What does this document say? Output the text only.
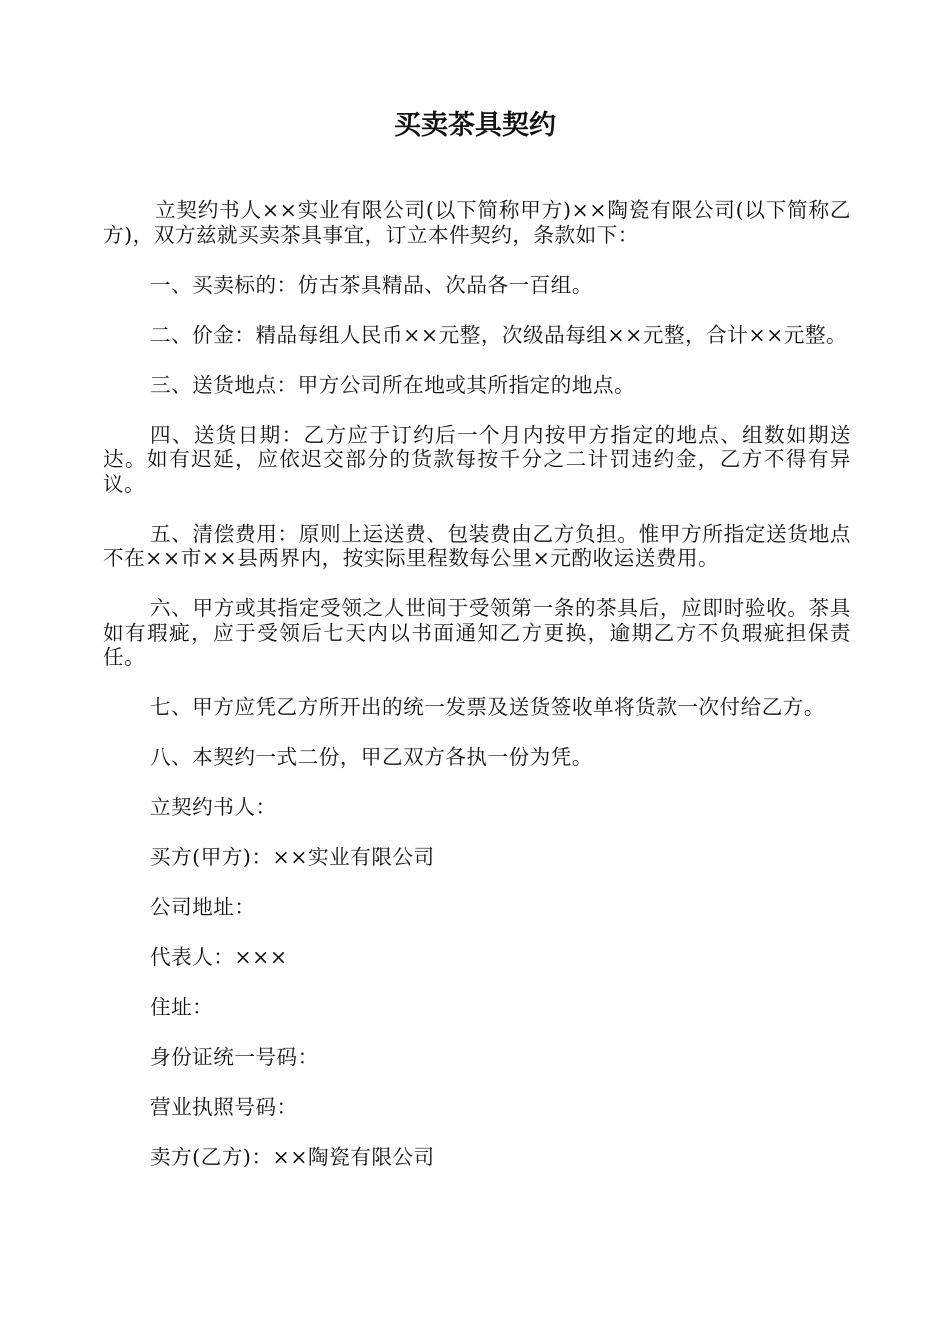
买卖茶具契约

立契约书人××实业有限公司(以下简称甲方)××陶瓷有限公司(以下简称乙方)，双方兹就买卖茶具事宜，订立本件契约，条款如下：

一、买卖标的：仿古茶具精品、次品各一百组。

二、价金：精品每组人民币××元整，次级品每组××元整，合计××元整。

三、送货地点：甲方公司所在地或其所指定的地点。

四、送货日期：乙方应于订约后一个月内按甲方指定的地点、组数如期送达。如有迟延，应依迟交部分的货款每按千分之二计罚违约金，乙方不得有异议。

五、清偿费用：原则上运送费、包装费由乙方负担。惟甲方所指定送货地点不在××市××县两界内，按实际里程数每公里×元酌收运送费用。

六、甲方或其指定受领之人世间于受领第一条的茶具后，应即时验收。茶具如有瑕疵，应于受领后七天内以书面通知乙方更换，逾期乙方不负瑕疵担保责任。

七、甲方应凭乙方所开出的统一发票及送货签收单将货款一次付给乙方。

八、本契约一式二份，甲乙双方各执一份为凭。

立契约书人：

买方(甲方)：××实业有限公司

公司地址：

代表人：×××

住址：

身份证统一号码：

营业执照号码：

卖方(乙方)：××陶瓷有限公司
